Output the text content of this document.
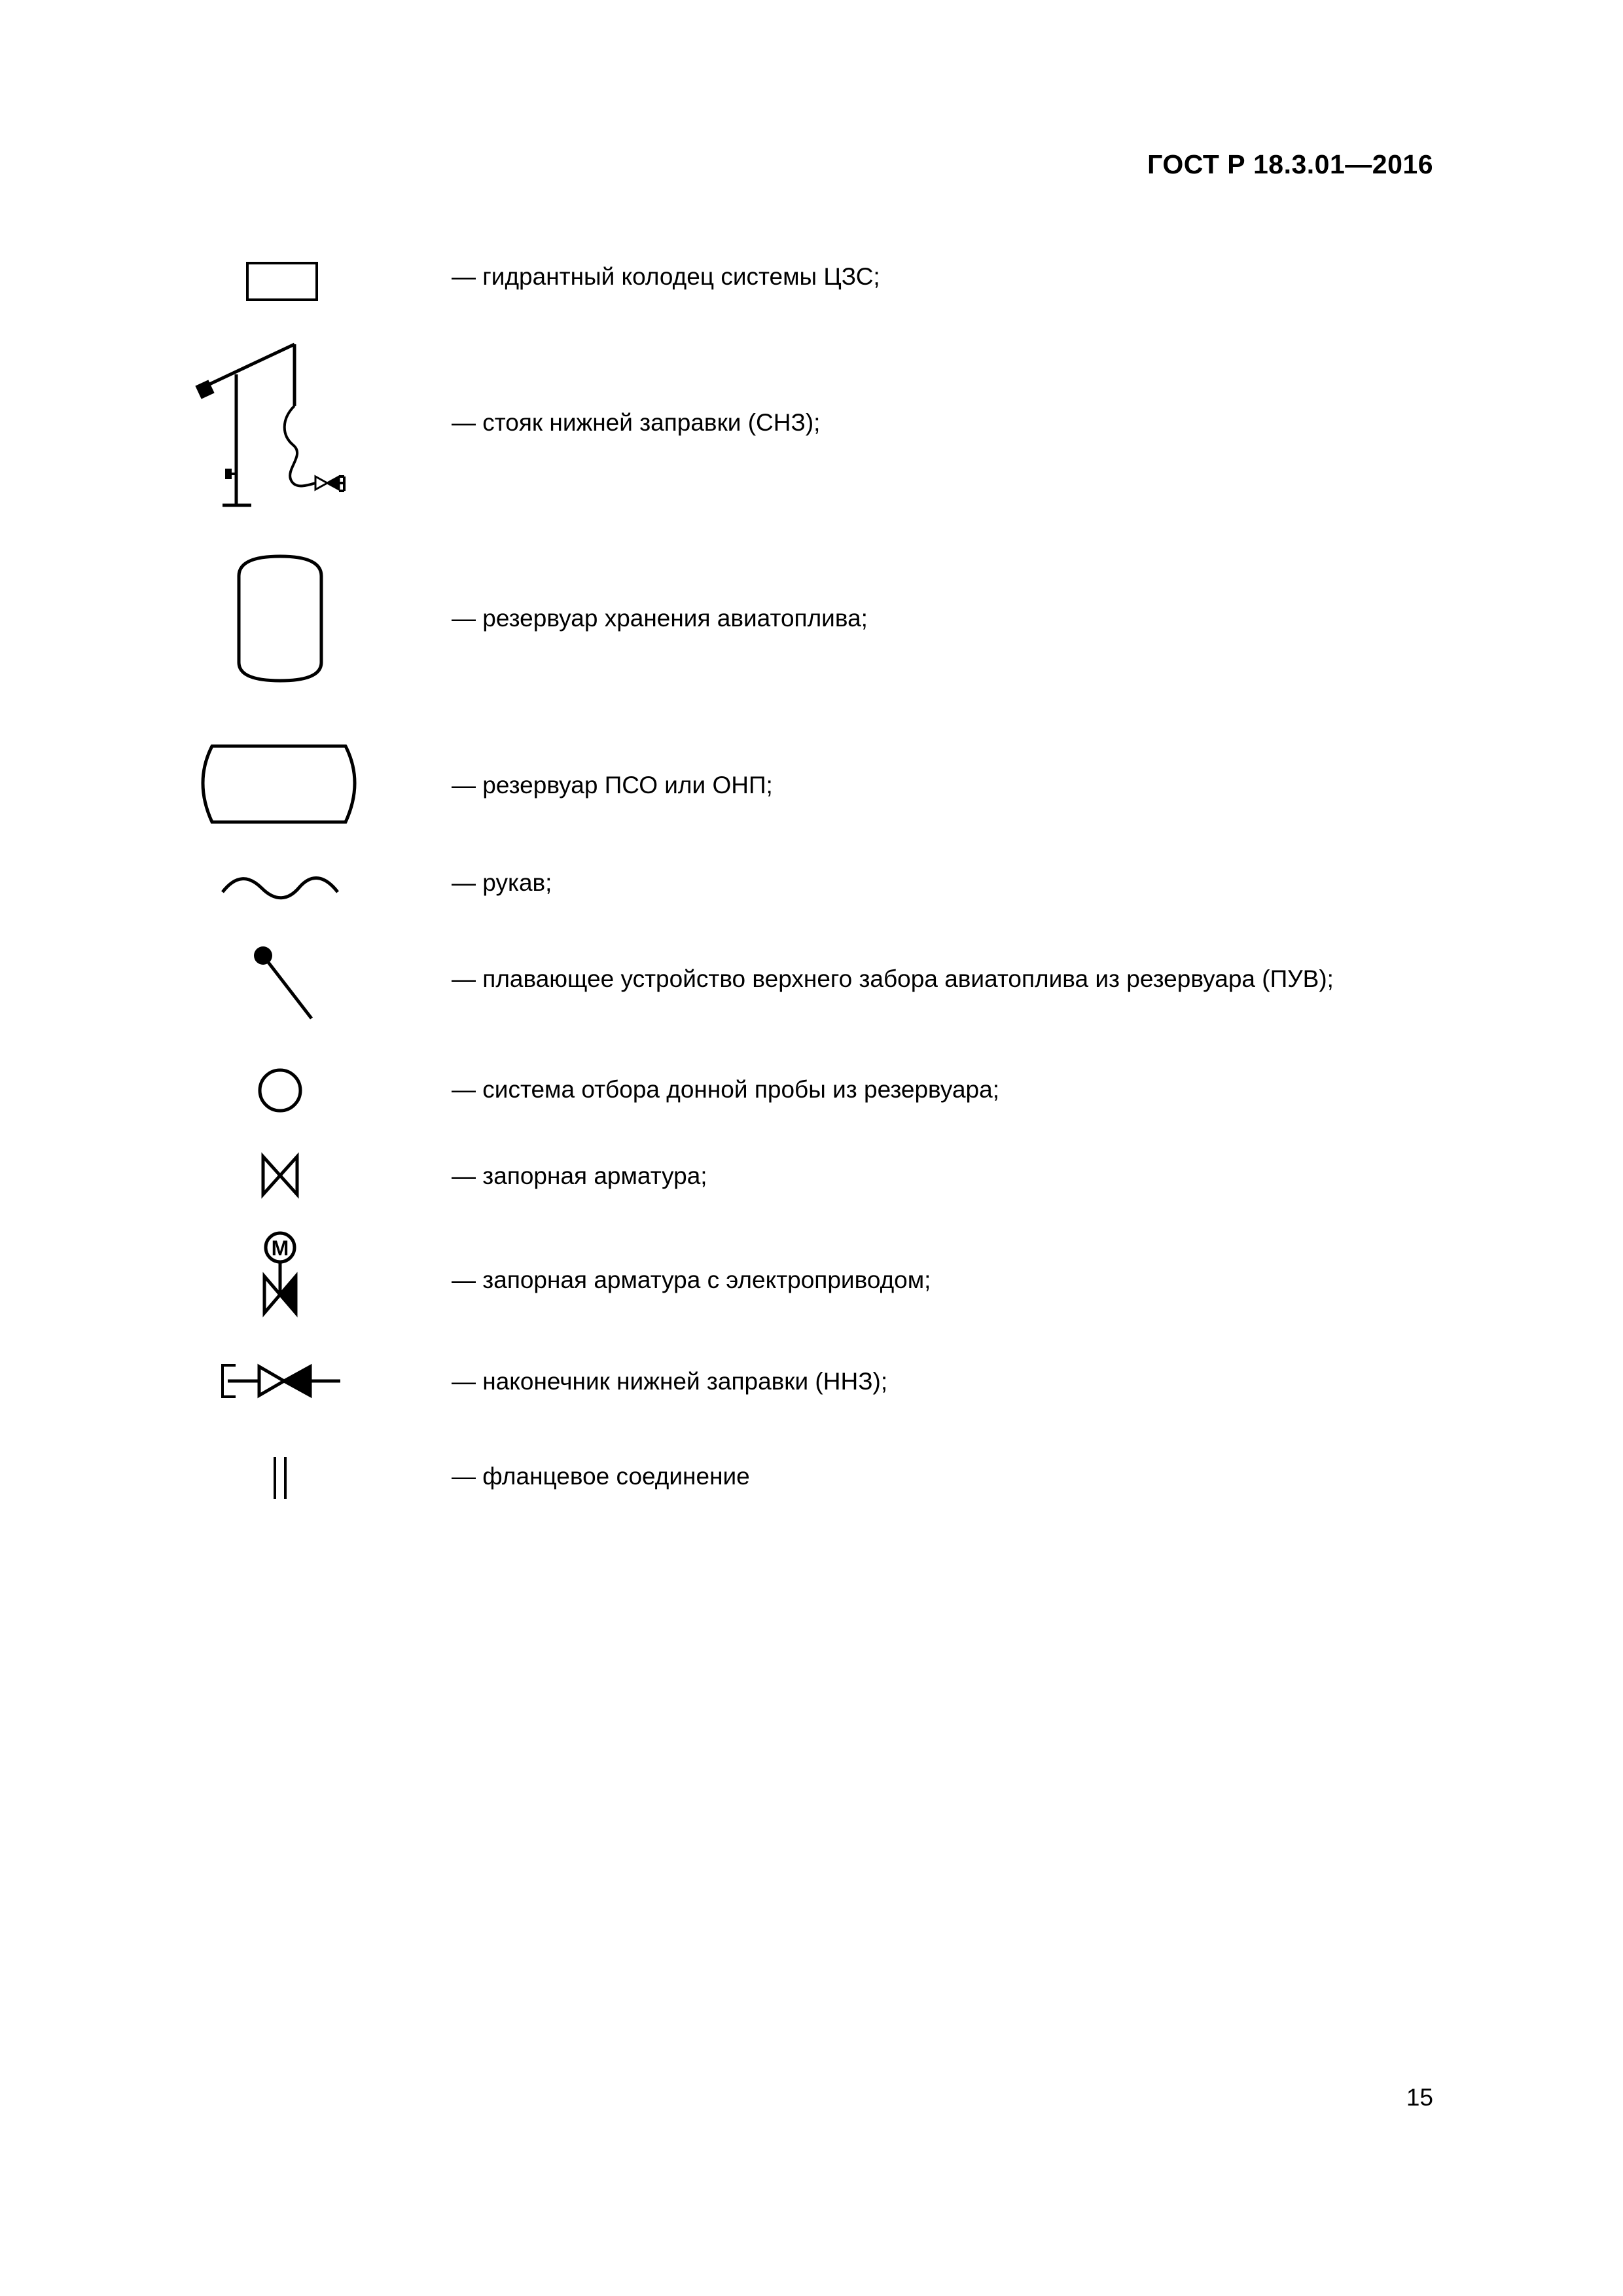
ГОСТ Р 18.3.01—2016
— гидрантный колодец системы ЦЗС;
— стояк нижней заправки (СНЗ);
— резервуар хранения авиатоплива;
— резервуар ПСО или ОНП;
— рукав;
— плавающее устройство верхнего забора авиатоплива из резервуара (ПУВ);
— система отбора донной пробы из резервуара;
— запорная арматура;
M
— запорная арматура с электроприводом;
— наконечник нижней заправки (ННЗ);
— фланцевое соединение
15
